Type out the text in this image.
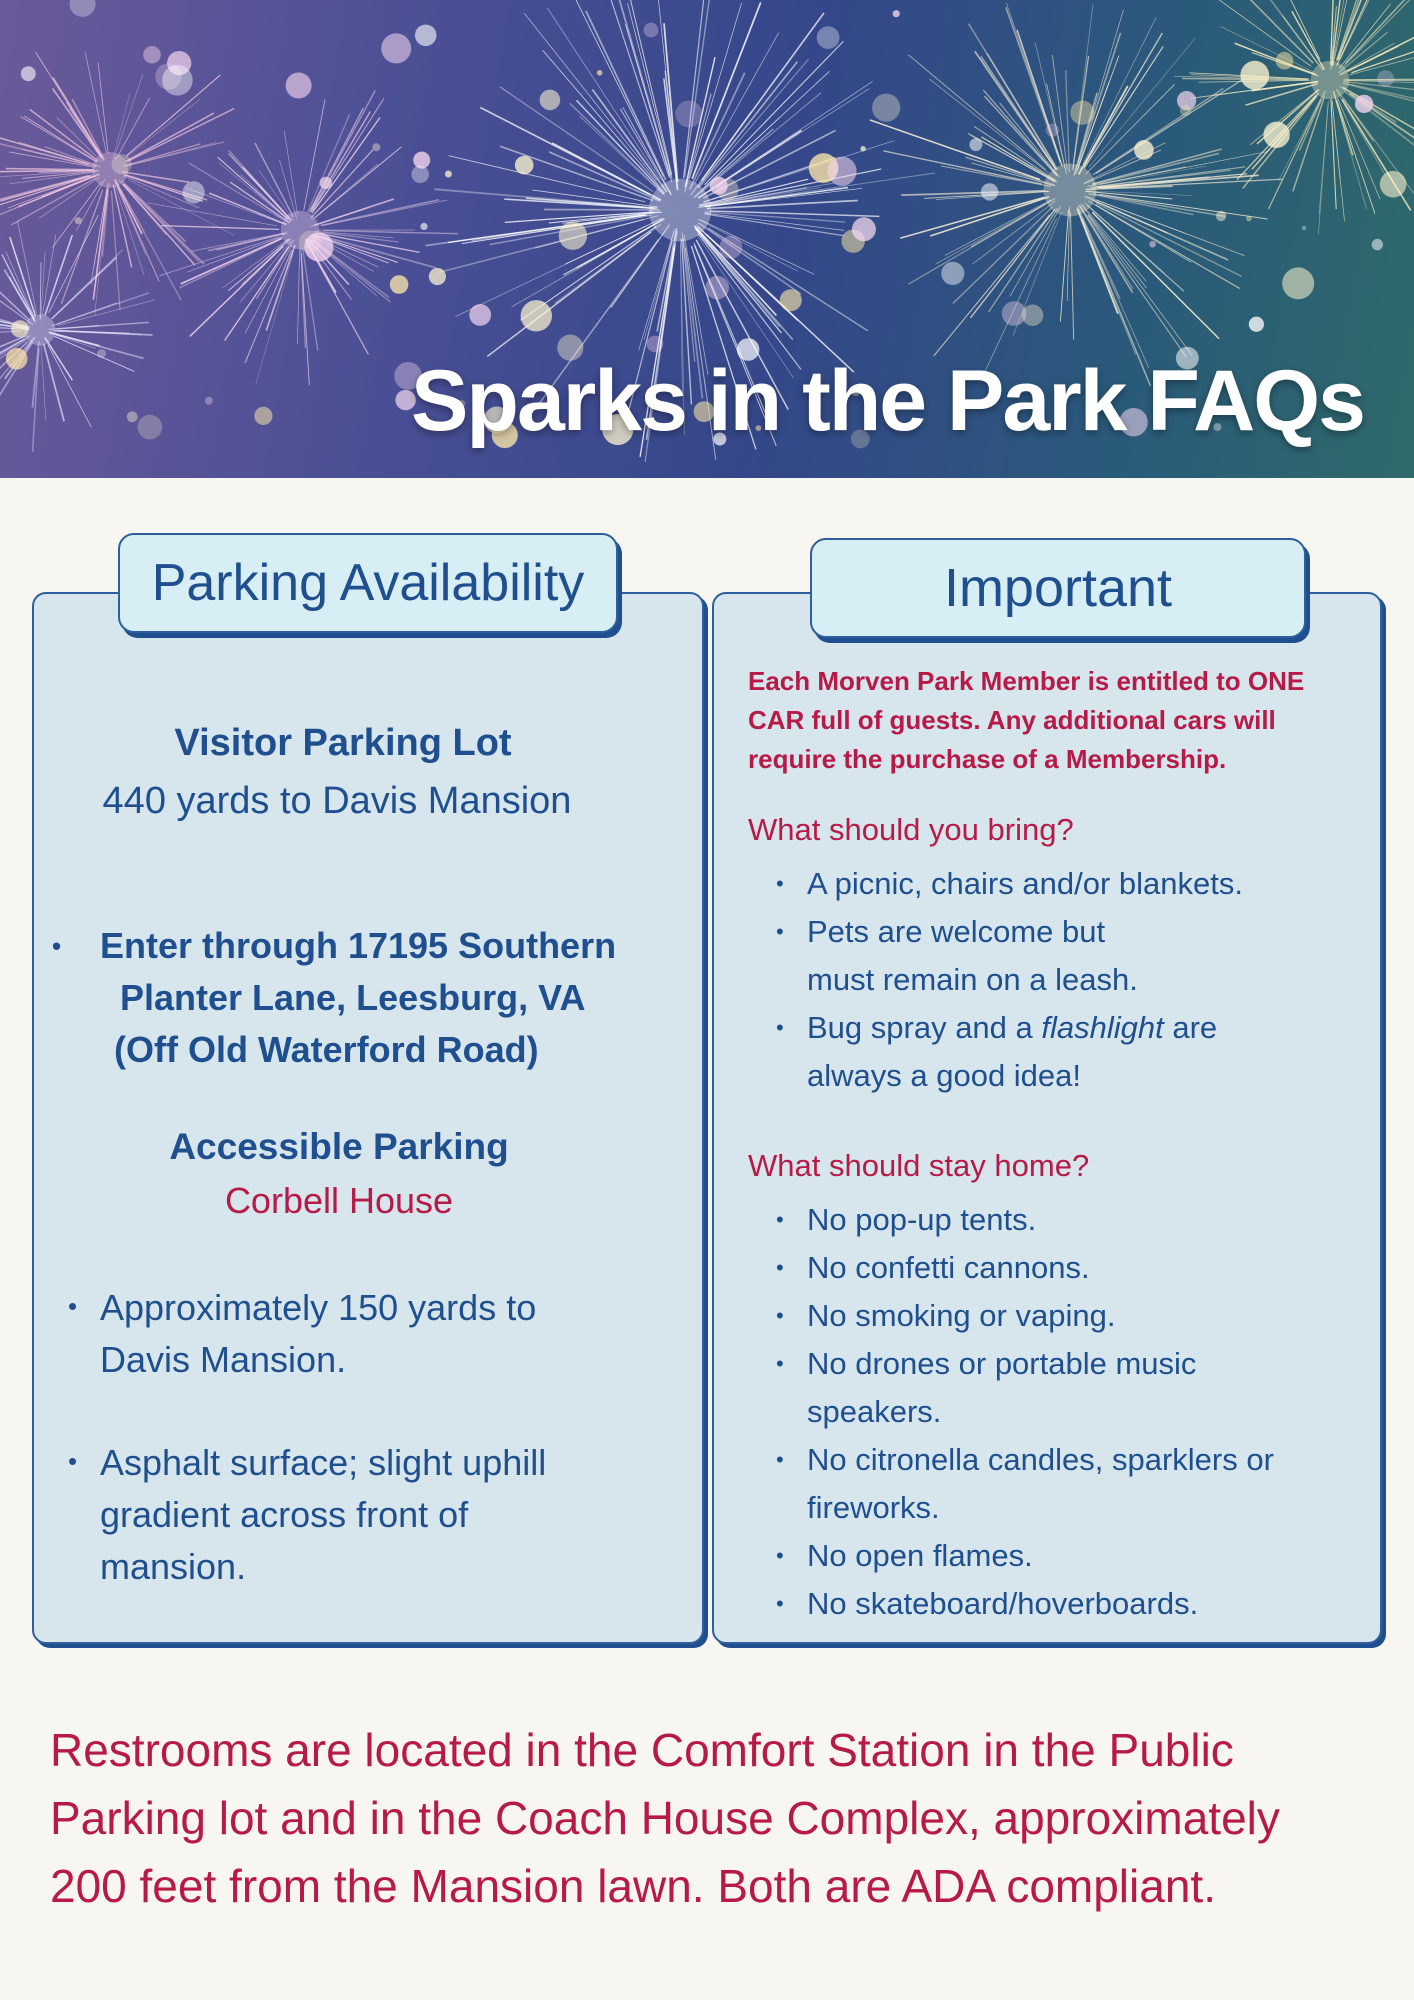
Sparks in the Park FAQs
Parking Availability
Visitor Parking Lot
440 yards to Davis Mansion
• Enter through 17195 Southern
Planter Lane, Leesburg, VA
(Off Old Waterford Road)
Accessible Parking
Corbell House
• Approximately 150 yards to
Davis Mansion.
• Asphalt surface; slight uphill
gradient across front of
mansion.
Important
Each Morven Park Member is entitled to ONE
CAR full of guests. Any additional cars will
require the purchase of a Membership.
What should you bring?
• A picnic, chairs and/or blankets.
• Pets are welcome but
must remain on a leash.
• Bug spray and a flashlight are
always a good idea!
What should stay home?
• No pop-up tents.
• No confetti cannons.
• No smoking or vaping.
• No drones or portable music
speakers.
• No citronella candles, sparklers or
fireworks.
• No open flames.
• No skateboard/hoverboards.
Restrooms are located in the Comfort Station in the Public
Parking lot and in the Coach House Complex, approximately
200 feet from the Mansion lawn. Both are ADA compliant.
